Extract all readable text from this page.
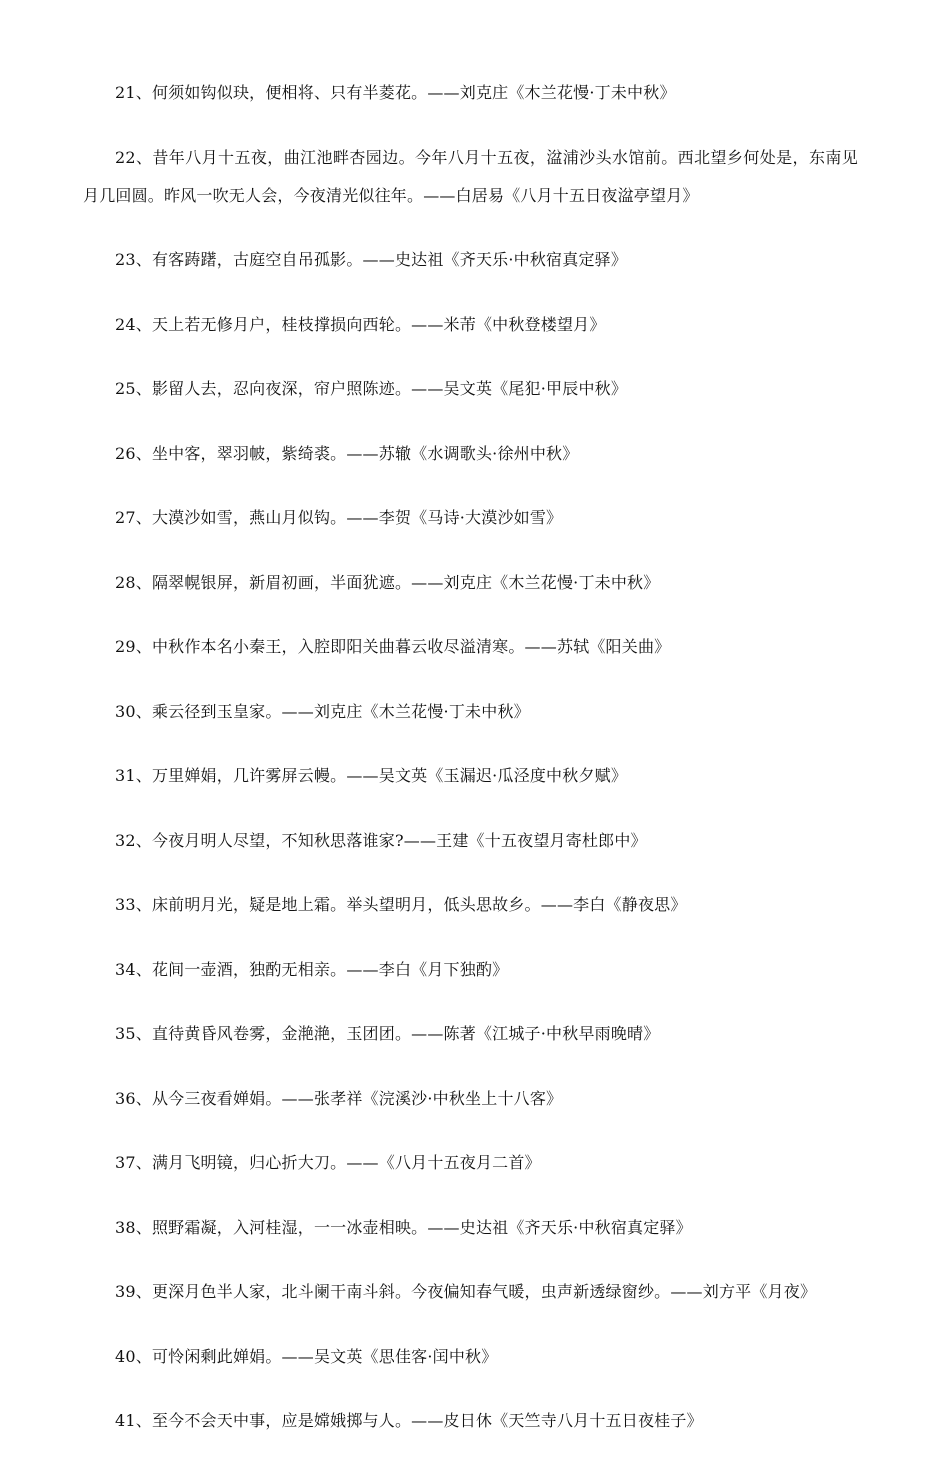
21、何须如钩似玦，便相将、只有半菱花。——刘克庄《木兰花慢·丁未中秋》

22、昔年八月十五夜，曲江池畔杏园边。今年八月十五夜，湓浦沙头水馆前。西北望乡何处是，东南见月几回圆。昨风一吹无人会，今夜清光似往年。——白居易《八月十五日夜湓亭望月》

23、有客踌躇，古庭空自吊孤影。——史达祖《齐天乐·中秋宿真定驿》

24、天上若无修月户，桂枝撑损向西轮。——米芾《中秋登楼望月》

25、影留人去，忍向夜深，帘户照陈迹。——吴文英《尾犯·甲辰中秋》

26、坐中客，翠羽帔，紫绮裘。——苏辙《水调歌头·徐州中秋》

27、大漠沙如雪，燕山月似钩。——李贺《马诗·大漠沙如雪》

28、隔翠幌银屏，新眉初画，半面犹遮。——刘克庄《木兰花慢·丁未中秋》

29、中秋作本名小秦王，入腔即阳关曲暮云收尽溢清寒。——苏轼《阳关曲》

30、乘云径到玉皇家。——刘克庄《木兰花慢·丁未中秋》

31、万里婵娟，几许雾屏云幔。——吴文英《玉漏迟·瓜泾度中秋夕赋》

32、今夜月明人尽望，不知秋思落谁家?——王建《十五夜望月寄杜郎中》

33、床前明月光，疑是地上霜。举头望明月，低头思故乡。——李白《静夜思》

34、花间一壶酒，独酌无相亲。——李白《月下独酌》

35、直待黄昏风卷雾，金滟滟，玉团团。——陈著《江城子·中秋早雨晚晴》

36、从今三夜看婵娟。——张孝祥《浣溪沙·中秋坐上十八客》

37、满月飞明镜，归心折大刀。——《八月十五夜月二首》

38、照野霜凝，入河桂湿，一一冰壶相映。——史达祖《齐天乐·中秋宿真定驿》

39、更深月色半人家，北斗阑干南斗斜。今夜偏知春气暖，虫声新透绿窗纱。——刘方平《月夜》

40、可怜闲剩此婵娟。——吴文英《思佳客·闰中秋》

41、至今不会天中事，应是嫦娥掷与人。——皮日休《天竺寺八月十五日夜桂子》
